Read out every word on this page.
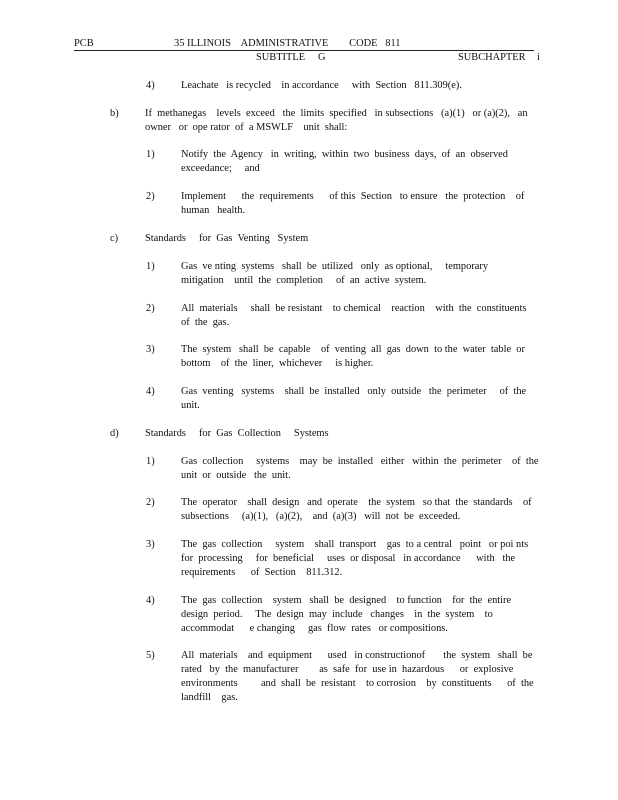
PCB	35 ILLINOIS    ADMINISTRATIVE        CODE   811
SUBTITLE     G	SUBCHAPTER i
4)	Leachate   is recycled    in accordance     with  Section   811.309(e).
b)	If  methanegas    levels  exceed   the  limits  specified   in subsections   (a)(1)   or (a)(2),   an
owner   or  ope rator  of  a MSWLF    unit  shall:
1)	Notify  the  Agency   in  writing,  within  two  business  days,  of  an  observed
exceedance;     and
2)	Implement      the  requirements      of this  Section   to ensure   the  protection    of
human   health.
c)	Standards     for  Gas  Venting   System
1)	Gas  ve nting  systems   shall  be  utilized   only  as optional,     temporary
mitigation    until  the  completion     of  an  active  system.
2)	All  materials     shall  be resistant    to chemical    reaction    with  the  constituents
of  the  gas.
3)	The  system   shall  be  capable    of  venting  all  gas  down  to the  water  table  or
bottom    of  the  liner,  whichever     is higher.
4)	Gas  venting   systems    shall  be  installed   only  outside   the  perimeter     of  the
unit.
d)	Standards     for  Gas  Collection     Systems
1)	Gas  collection     systems    may  be  installed   either   within  the  perimeter    of  the
unit  or  outside   the  unit.
2)	The  operator    shall  design   and  operate    the  system   so that  the  standards    of
subsections     (a)(1),   (a)(2),    and  (a)(3)   will  not  be  exceeded.
3)	The  gas  collection     system    shall  transport    gas  to a central   point   or poi nts
for  processing     for  beneficial     uses  or disposal   in accordance      with   the
requirements      of  Section    811.312.
4)	The  gas  collection    system   shall  be  designed    to function    for  the  entire
design  period.     The  design  may  include   changes    in  the  system    to
accommodat      e changing     gas  flow  rates   or compositions.
5)	All  materials    and  equipment      used   in constructionof       the  system   shall  be
rated   by  the  manufacturer        as  safe  for  use in  hazardous      or  explosive
environments         and  shall  be  resistant    to corrosion    by  constituents      of  the
landfill    gas.
